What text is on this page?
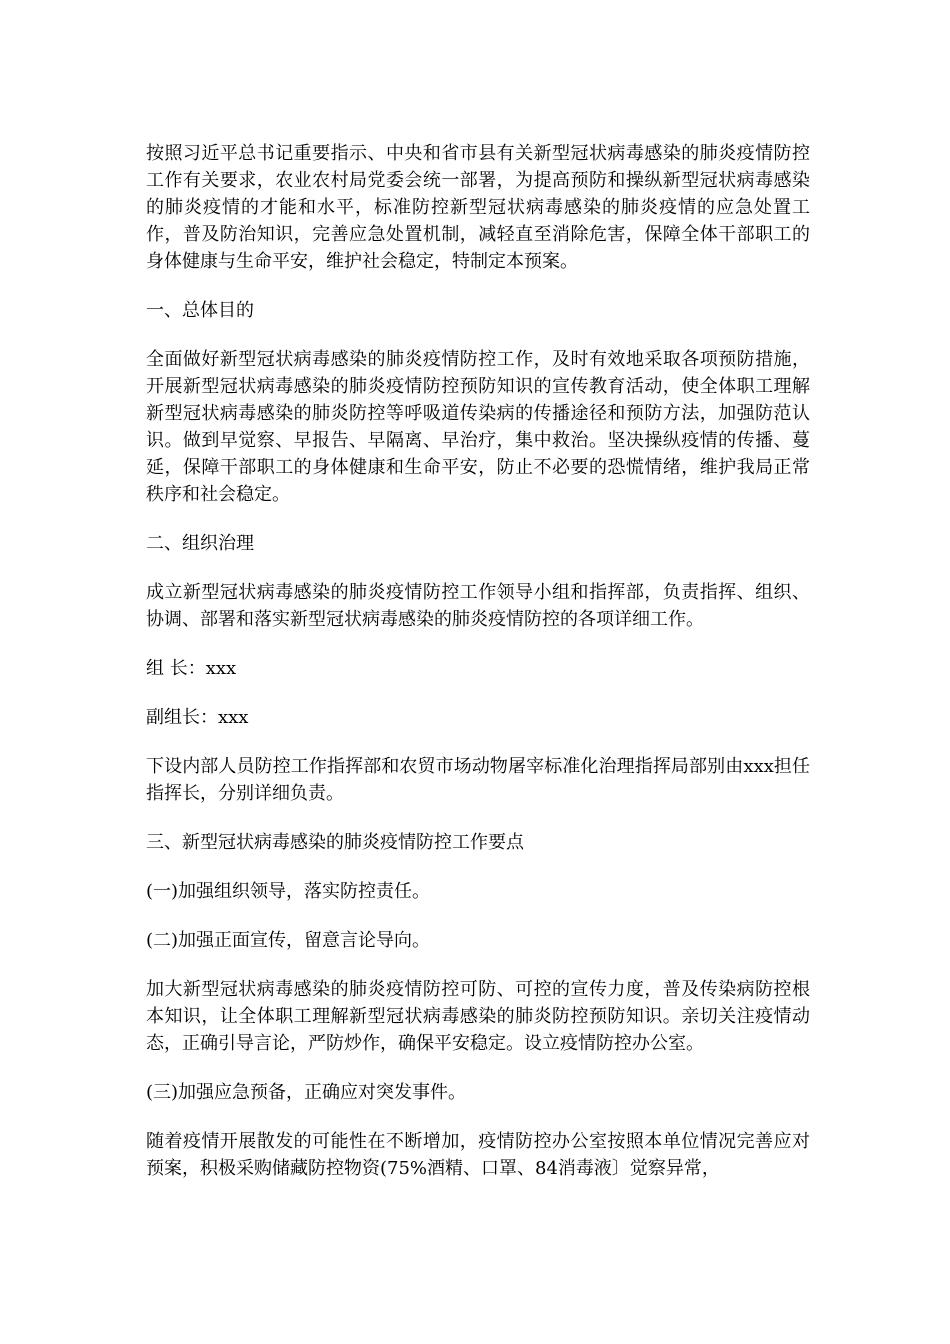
按照习近平总书记重要指示、中央和省市县有关新型冠状病毒感染的肺炎疫情防控工作有关要求，农业农村局党委会统一部署，为提高预防和操纵新型冠状病毒感染的肺炎疫情的才能和水平，标准防控新型冠状病毒感染的肺炎疫情的应急处置工作，普及防治知识，完善应急处置机制，减轻直至消除危害，保障全体干部职工的身体健康与生命平安，维护社会稳定，特制定本预案。

一、总体目的

全面做好新型冠状病毒感染的肺炎疫情防控工作，及时有效地采取各项预防措施，开展新型冠状病毒感染的肺炎疫情防控预防知识的宣传教育活动，使全体职工理解新型冠状病毒感染的肺炎防控等呼吸道传染病的传播途径和预防方法，加强防范认识。做到早觉察、早报告、早隔离、早治疗，集中救治。坚决操纵疫情的传播、蔓延，保障干部职工的身体健康和生命平安，防止不必要的恐慌情绪，维护我局正常秩序和社会稳定。

二、组织治理

成立新型冠状病毒感染的肺炎疫情防控工作领导小组和指挥部，负责指挥、组织、协调、部署和落实新型冠状病毒感染的肺炎疫情防控的各项详细工作。

组 长：xxx

副组长：xxx

下设内部人员防控工作指挥部和农贸市场动物屠宰标准化治理指挥局部别由xxx担任指挥长，分别详细负责。

三、新型冠状病毒感染的肺炎疫情防控工作要点

(一)加强组织领导，落实防控责任。

(二)加强正面宣传，留意言论导向。

加大新型冠状病毒感染的肺炎疫情防控可防、可控的宣传力度，普及传染病防控根本知识，让全体职工理解新型冠状病毒感染的肺炎防控预防知识。亲切关注疫情动态，正确引导言论，严防炒作，确保平安稳定。设立疫情防控办公室。

(三)加强应急预备，正确应对突发事件。

随着疫情开展散发的可能性在不断增加，疫情防控办公室按照本单位情况完善应对预案，积极采购储藏防控物资(75%酒精、口罩、84消毒液〕觉察异常，
